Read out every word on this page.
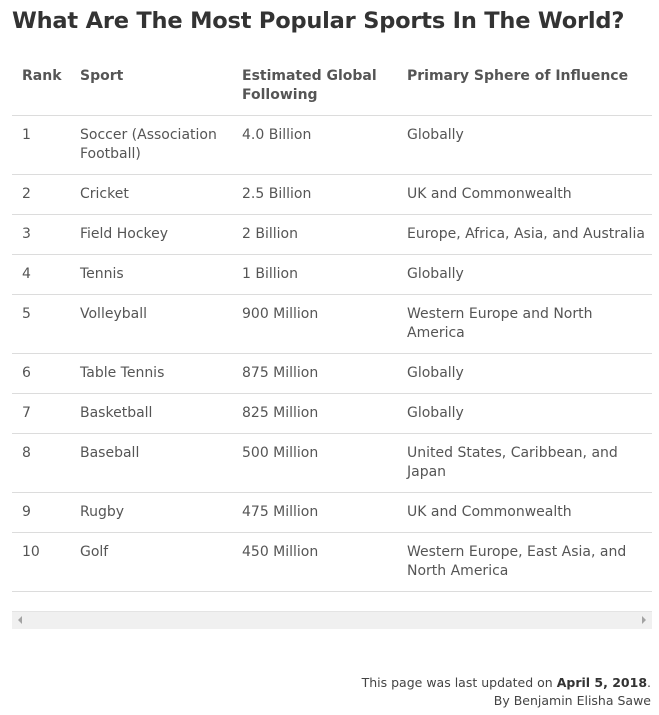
What Are The Most Popular Sports In The World?
Rank	Sport	Estimated Global Following	Primary Sphere of Influence
1	Soccer (Association Football)	4.0 Billion	Globally
2	Cricket	2.5 Billion	UK and Commonwealth
3	Field Hockey	2 Billion	Europe, Africa, Asia, and Australia
4	Tennis	1 Billion	Globally
5	Volleyball	900 Million	Western Europe and North America
6	Table Tennis	875 Million	Globally
7	Basketball	825 Million	Globally
8	Baseball	500 Million	United States, Caribbean, and Japan
9	Rugby	475 Million	UK and Commonwealth
10	Golf	450 Million	Western Europe, East Asia, and North America
This page was last updated on April 5, 2018.
By Benjamin Elisha Sawe
